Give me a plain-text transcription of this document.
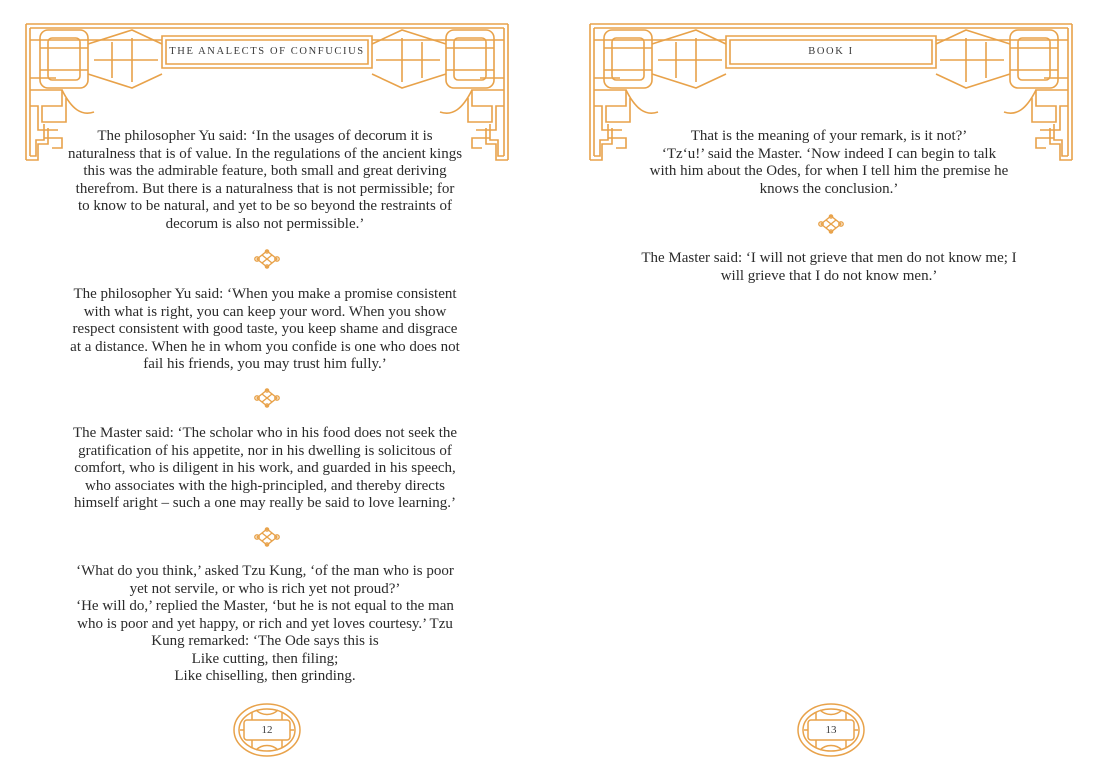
THE ANALECTS OF CONFUCIUS

The philosopher Yu said: ‘In the usages of decorum it is

naturalness that is of value. In the regulations of the ancient kings

this was the admirable feature, both small and great deriving

therefrom. But there is a naturalness that is not permissible; for

to know to be natural, and yet to be so beyond the restraints of

decorum is also not permissible.’

The philosopher Yu said: ‘When you make a promise consistent

with what is right, you can keep your word. When you show

respect consistent with good taste, you keep shame and disgrace

at a distance. When he in whom you confide is one who does not

fail his friends, you may trust him fully.’

The Master said: ‘The scholar who in his food does not seek the

gratification of his appetite, nor in his dwelling is solicitous of

comfort, who is diligent in his work, and guarded in his speech,

who associates with the high-principled, and thereby directs

himself aright – such a one may really be said to love learning.’

‘What do you think,’ asked Tzu Kung, ‘of the man who is poor

yet not servile, or who is rich yet not proud?’

‘He will do,’ replied the Master, ‘but he is not equal to the man

who is poor and yet happy, or rich and yet loves courtesy.’ Tzu

Kung remarked: ‘The Ode says this is

Like cutting, then filing;

Like chiselling, then grinding.

12
BOOK I

That is the meaning of your remark, is it not?’

‘Tz‘u!’ said the Master. ‘Now indeed I can begin to talk

with him about the Odes, for when I tell him the premise he

knows the conclusion.’

The Master said: ‘I will not grieve that men do not know me; I

will grieve that I do not know men.’

13
